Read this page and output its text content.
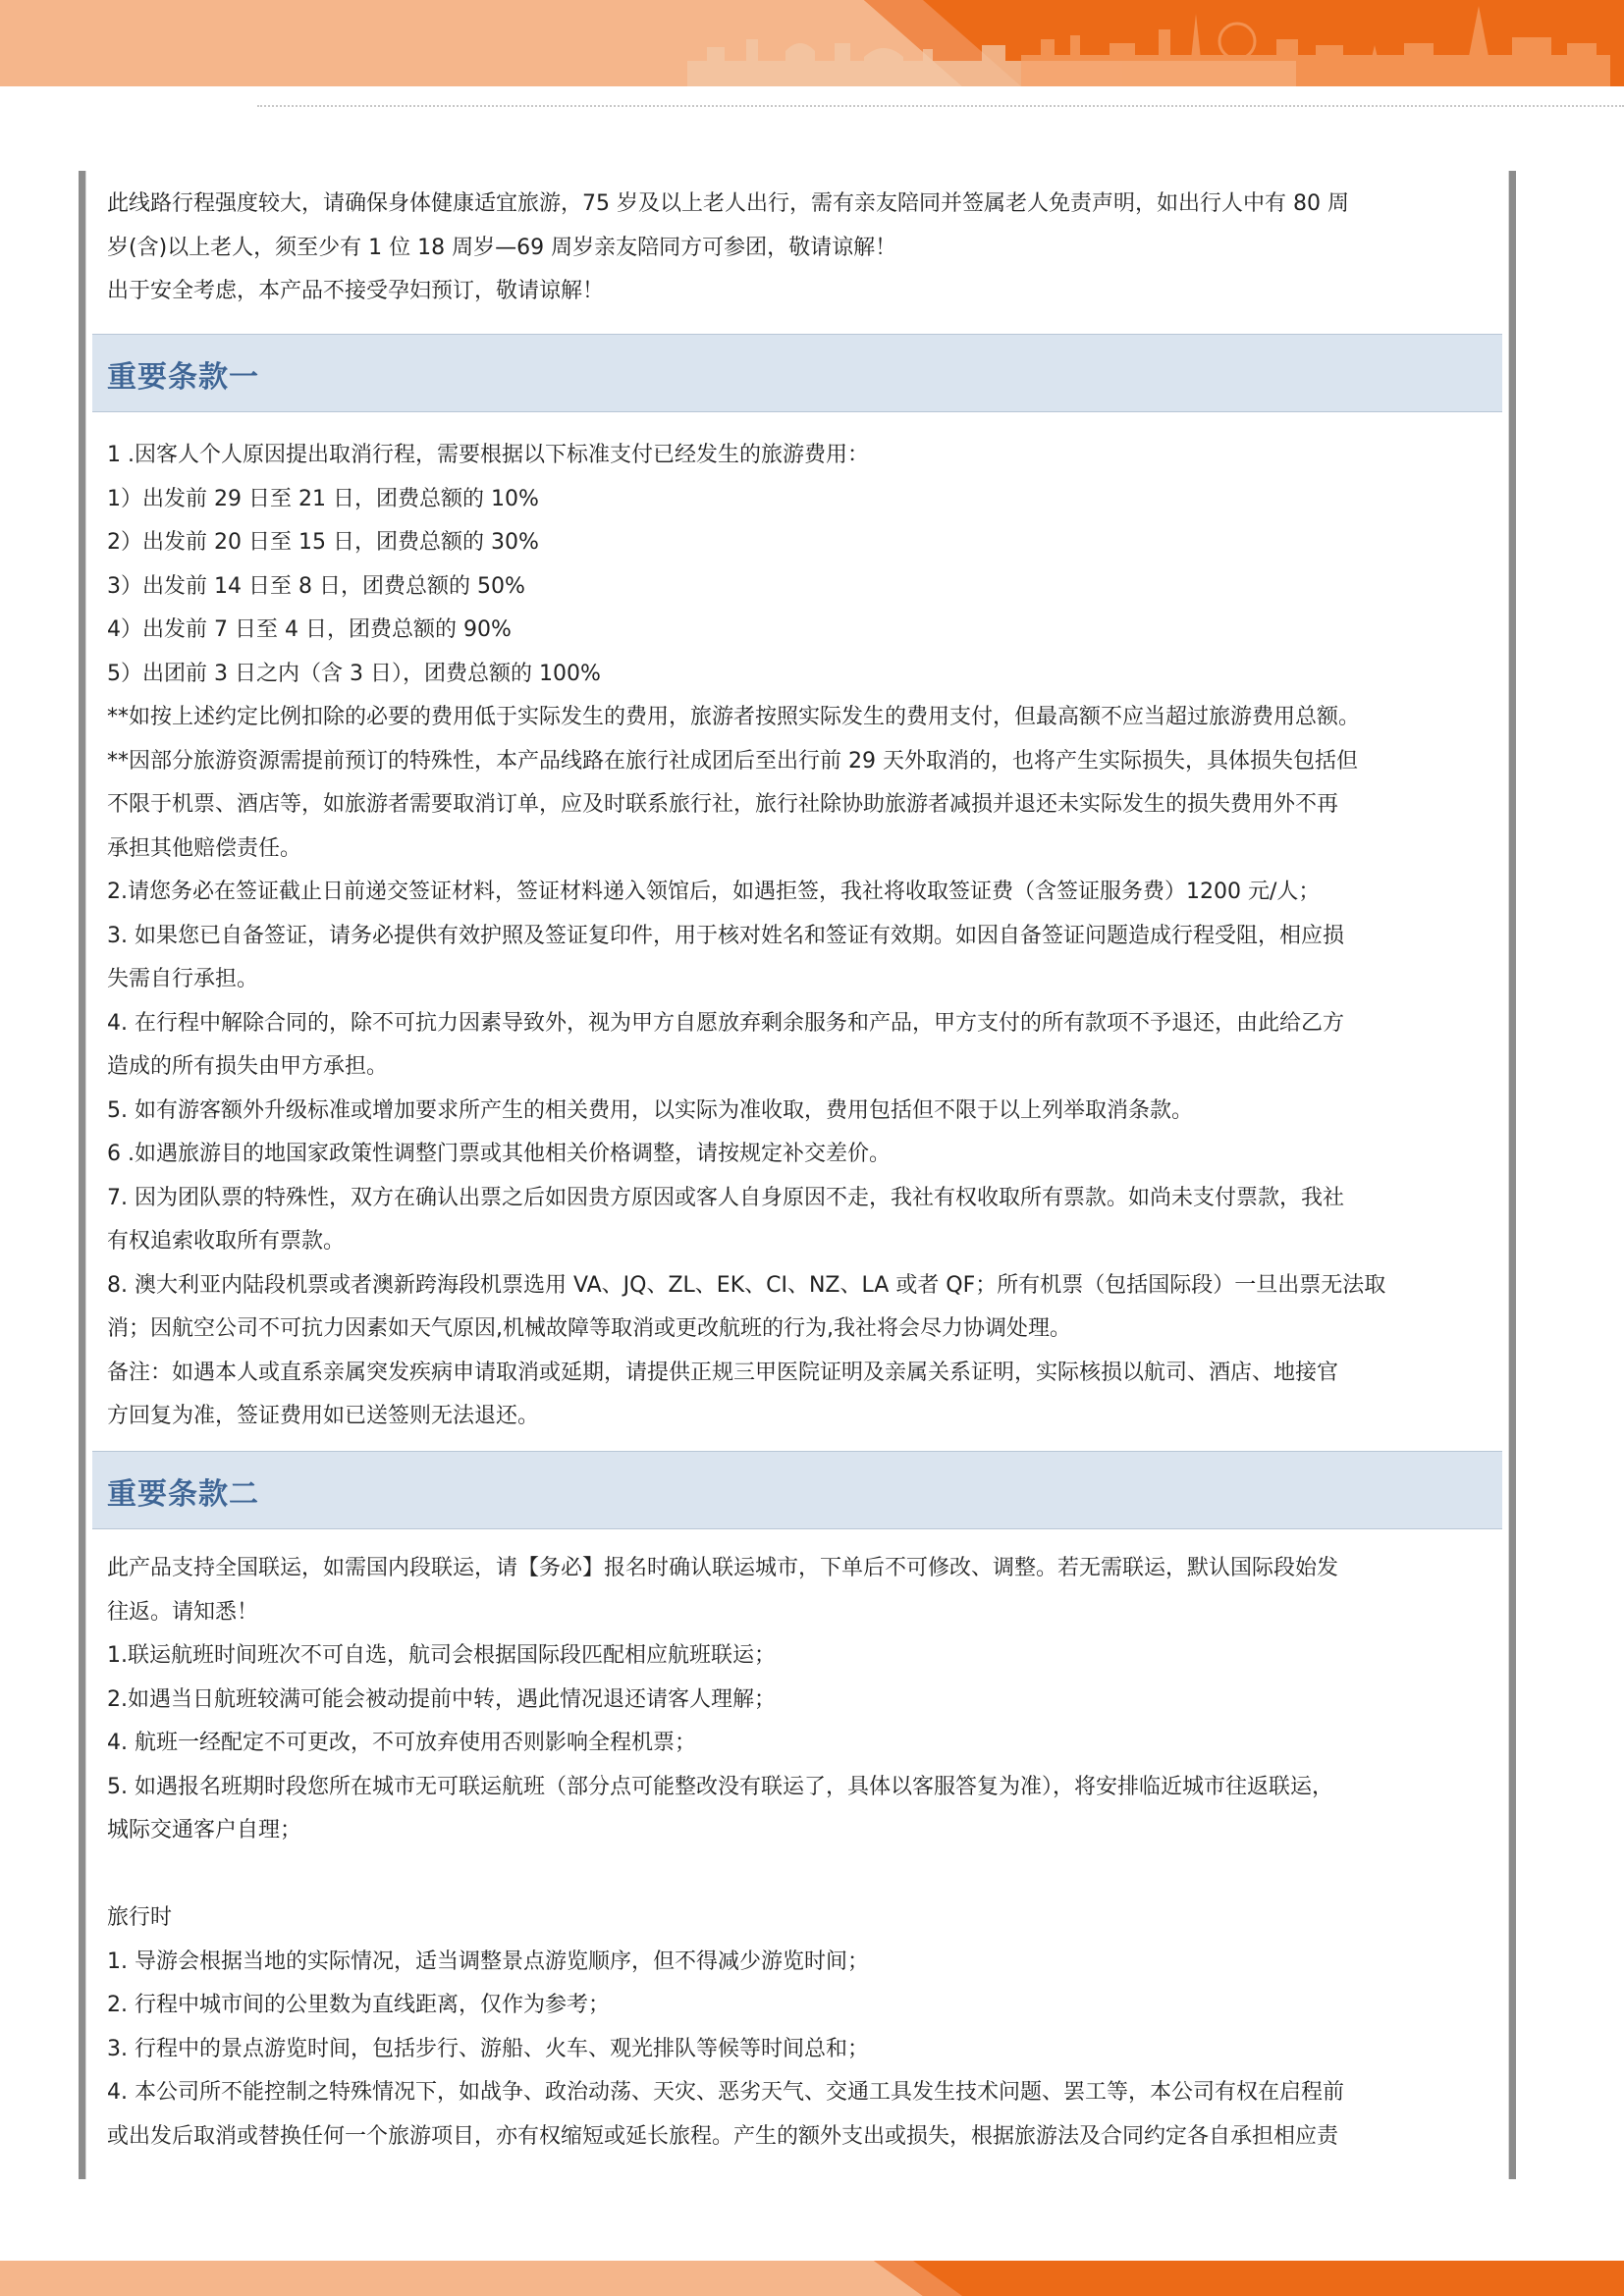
此线路行程强度较大，请确保身体健康适宜旅游，75 岁及以上老人出行，需有亲友陪同并签属老人免责声明，如出行人中有 80 周

岁(含)以上老人，须至少有 1 位 18 周岁—69 周岁亲友陪同方可参团，敬请谅解！

出于安全考虑，本产品不接受孕妇预订，敬请谅解！

重要条款一

1 .因客人个人原因提出取消行程，需要根据以下标准支付已经发生的旅游费用：

1）出发前 29 日至 21 日，团费总额的 10%

2）出发前 20 日至 15 日，团费总额的 30%

3）出发前 14 日至 8 日，团费总额的 50%

4）出发前 7 日至 4 日，团费总额的 90%

5）出团前 3 日之内（含 3 日），团费总额的 100%

**如按上述约定比例扣除的必要的费用低于实际发生的费用，旅游者按照实际发生的费用支付，但最高额不应当超过旅游费用总额。

**因部分旅游资源需提前预订的特殊性，本产品线路在旅行社成团后至出行前 29 天外取消的，也将产生实际损失，具体损失包括但

不限于机票、酒店等，如旅游者需要取消订单，应及时联系旅行社，旅行社除协助旅游者减损并退还未实际发生的损失费用外不再

承担其他赔偿责任。

2.请您务必在签证截止日前递交签证材料，签证材料递入领馆后，如遇拒签，我社将收取签证费（含签证服务费）1200 元/人；

3. 如果您已自备签证，请务必提供有效护照及签证复印件，用于核对姓名和签证有效期。如因自备签证问题造成行程受阻，相应损

失需自行承担。

4. 在行程中解除合同的，除不可抗力因素导致外，视为甲方自愿放弃剩余服务和产品，甲方支付的所有款项不予退还，由此给乙方

造成的所有损失由甲方承担。

5. 如有游客额外升级标准或增加要求所产生的相关费用，以实际为准收取，费用包括但不限于以上列举取消条款。

6 .如遇旅游目的地国家政策性调整门票或其他相关价格调整，请按规定补交差价。

7. 因为团队票的特殊性，双方在确认出票之后如因贵方原因或客人自身原因不走，我社有权收取所有票款。如尚未支付票款，我社

有权追索收取所有票款。

8. 澳大利亚内陆段机票或者澳新跨海段机票选用 VA、JQ、ZL、EK、CI、NZ、LA 或者 QF；所有机票（包括国际段）一旦出票无法取

消；因航空公司不可抗力因素如天气原因,机械故障等取消或更改航班的行为,我社将会尽力协调处理。

备注：如遇本人或直系亲属突发疾病申请取消或延期，请提供正规三甲医院证明及亲属关系证明，实际核损以航司、酒店、地接官

方回复为准，签证费用如已送签则无法退还。

重要条款二

此产品支持全国联运，如需国内段联运，请【务必】报名时确认联运城市，下单后不可修改、调整。若无需联运，默认国际段始发

往返。请知悉！

1.联运航班时间班次不可自选，航司会根据国际段匹配相应航班联运；

2.如遇当日航班较满可能会被动提前中转，遇此情况退还请客人理解；

4. 航班一经配定不可更改，不可放弃使用否则影响全程机票；

5. 如遇报名班期时段您所在城市无可联运航班（部分点可能整改没有联运了，具体以客服答复为准），将安排临近城市往返联运，

城际交通客户自理；

旅行时

1. 导游会根据当地的实际情况，适当调整景点游览顺序，但不得减少游览时间；

2. 行程中城市间的公里数为直线距离，仅作为参考；

3. 行程中的景点游览时间，包括步行、游船、火车、观光排队等候等时间总和；

4. 本公司所不能控制之特殊情况下，如战争、政治动荡、天灾、恶劣天气、交通工具发生技术问题、罢工等，本公司有权在启程前

或出发后取消或替换任何一个旅游项目，亦有权缩短或延长旅程。产生的额外支出或损失，根据旅游法及合同约定各自承担相应责
